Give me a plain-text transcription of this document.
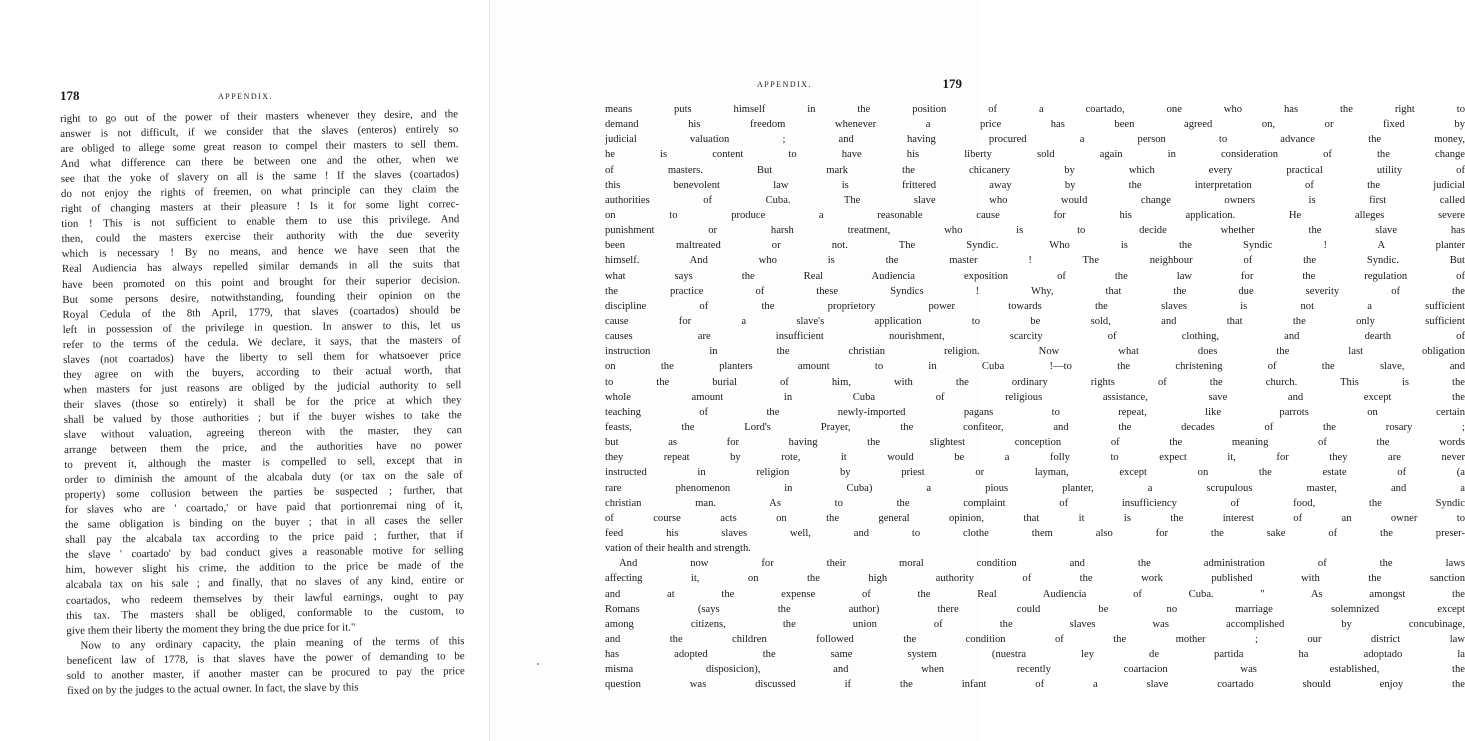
178	APPENDIX.
right to go out of the power of their masters whenever they desire, and the
answer is not difficult, if we consider that the slaves (enteros) entirely so
are obliged to allege some great reason to compel their masters to sell them.
And what difference can there be between one and the other, when we
see that the yoke of slavery on all is the same ! If the slaves (coartados)
do not enjoy the rights of freemen, on what principle can they claim the
right of changing masters at their pleasure ! Is it for some light correc-
tion ! This is not sufficient to enable them to use this privilege. And
then, could the masters exercise their authority with the due severity
which is necessary ! By no means, and hence we have seen that the
Real Audiencia has always repelled similar demands in all the suits that
have been promoted on this point and brought for their superior decision.
But some persons desire, notwithstanding, founding their opinion on the
Royal Cedula of the 8th April, 1779, that slaves (coartados) should be
left in possession of the privilege in question. In answer to this, let us
refer to the terms of the cedula. We declare, it says, that the masters of
slaves (not coartados) have the liberty to sell them for whatsoever price
they agree on with the buyers, according to their actual worth, that
when masters for just reasons are obliged by the judicial authority to sell
their slaves (those so entirely) it shall be for the price at which they
shall be valued by those authorities ; but if the buyer wishes to take the
slave without valuation, agreeing thereon with the master, they can
arrange between them the price, and the authorities have no power
to prevent it, although the master is compelled to sell, except that in
order to diminish the amount of the alcabala duty (or tax on the sale of
property) some collusion between the parties be suspected ; further, that
for slaves who are ' coartado,' or have paid that portionremai ning of it,
the same obligation is binding on the buyer ; that in all cases the seller
shall pay the alcabala tax according to the price paid ; further, that if
the slave ' coartado' by bad conduct gives a reasonable motive for selling
him, however slight his crime, the addition to the price be made of the
alcabala tax on his sale ; and finally, that no slaves of any kind, entire or
coartados, who redeem themselves by their lawful earnings, ought to pay
this tax. The masters shall be obliged, conformable to the custom, to
give them their liberty the moment they bring the due price for it."
Now to any ordinary capacity, the plain meaning of the terms of this
beneficent law of 1778, is that slaves have the power of demanding to be
sold to another master, if another master can be procured to pay the price
fixed on by the judges to the actual owner. In fact, the slave by this
APPENDIX.	179
means puts himself in the position of a coartado, one who has the right to
demand his freedom whenever a price has been agreed on, or fixed by
judicial valuation ; and having procured a person to advance the money,
he is content to have his liberty sold again in consideration of the change
of masters. But mark the chicanery by which every practical utility of
this benevolent law is frittered away by the interpretation of the judicial
authorities of Cuba. The slave who would change owners is first called
on to produce a reasonable cause for his application. He alleges severe
punishment or harsh treatment, who is to decide whether the slave has
been maltreated or not. The Syndic. Who is the Syndic ! A planter
himself. And who is the master ! The neighbour of the Syndic. But
what says the Real Audiencia exposition of the law for the regulation of
the practice of these Syndics ! Why, that the due severity of the
discipline of the proprietory power towards the slaves is not a sufficient
cause for a slave's application to be sold, and that the only sufficient
causes are insufficient nourishment, scarcity of clothing, and dearth of
instruction in the christian religion. Now what does the last obligation
on the planters amount to in Cuba !—to the christening of the slave, and
to the burial of him, with the ordinary rights of the church. This is the
whole amount in Cuba of religious assistance, save and except the
teaching of the newly-imported pagans to repeat, like parrots on certain
feasts, the Lord's Prayer, the confiteor, and the decades of the rosary ;
but as for having the slightest conception of the meaning of the words
they repeat by rote, it would be a folly to expect it, for they are never
instructed in religion by priest or layman, except on the estate of (a
rare phenomenon in Cuba) a pious planter, a scrupulous master, and a
christian man. As to the complaint of insufficiency of food, the Syndic
of course acts on the general opinion, that it is the interest of an owner to
feed his slaves well, and to clothe them also for the sake of the preser-
vation of their health and strength.
And now for their moral condition and the administration of the laws
affecting it, on the high authority of the work published with the sanction
and at the expense of the Real Audiencia of Cuba. " As amongst the
Romans (says the author) there could be no marriage solemnized except
among citizens, the union of the slaves was accomplished by concubinage,
and the children followed the condition of the mother ; our district law
has adopted the same system (nuestra ley de partida ha adoptado la
misma disposicion), and when recently coartacion was established, the
question was discussed if the infant of a slave coartado should enjoy the
